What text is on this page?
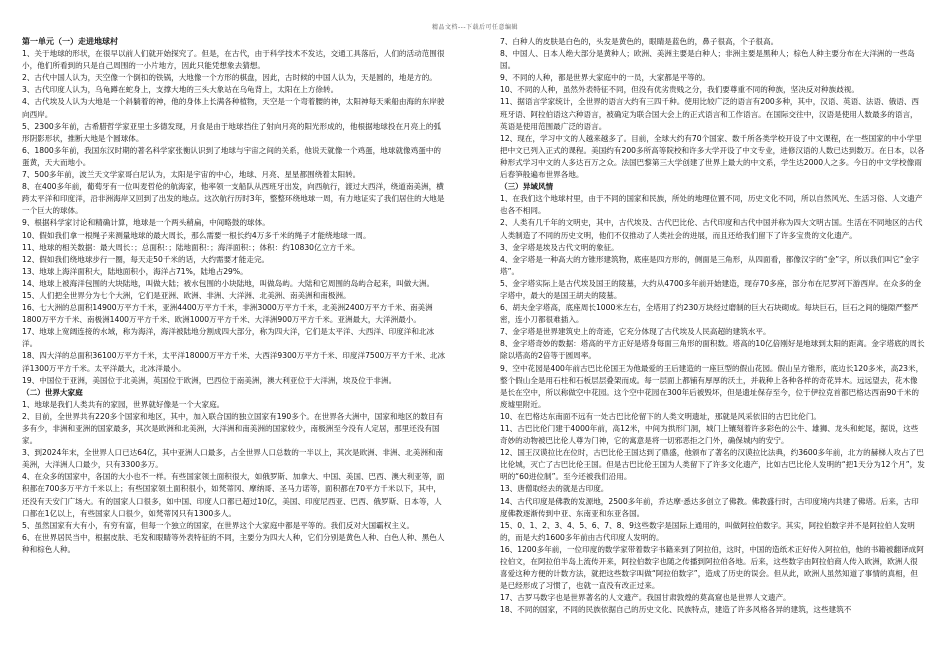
精品文档---下载后可任意编辑

第一单元（一）走进地球村

1、关于地球的形状，在很早以前人们就开始探究了。但是，在古代，由于科学技术不发达，交通工具落后，人们的活动范围很小，他们所看到的只是自己周围的一小片地方，因此只能凭想象去猜想。

2、古代中国人认为，天空像一个倒扣的铁锅，大地像一个方形的棋盘，因此，古时候的中国人认为，天是圆的，地是方的。

3、古代印度人认为，乌龟蹲在蛇身上，支撑大地的三头大象站在乌龟背上，太阳在上方徐转。

4、古代埃及人认为大地是一个斜躺着的神，他的身体上长满各种植物，天空是一个弯着腰的神，太阳神每天乘船由海的东岸驶向西岸。

5、2300多年前，古希腊哲学家亚里士多德发现，月食是由于地球挡住了射向月亮的阳光形成的，他根据地球投在月亮上的弧形阴影形状，推断大地是个圆球体。

6、1800多年前，我国东汉时期的著名科学家张衡认识到了地球与宇宙之间的关系，他说天就像一个鸡蛋，地球就像鸡蛋中的蛋黄，天大而地小。

7、500多年前，波兰天文学家哥白尼认为，太阳是宇宙的中心，地球、月亮、星星都围绕着太阳转。

8、在400多年前，葡萄牙有一位叫麦哲伦的航海家，他率领一支船队从西班牙出发，向西航行，渡过大西洋，绕道南美洲，横跨太平洋和印度洋，沿非洲海岸又回到了出发的地点。这次航行历时3年，整整环绕地球一周，有力地证实了我们居住的大地是一个巨大的球体。

9、根据科学家讨论和精确计算，地球是一个两头稍扁，中间略鼓的球体。

10、假如我们拿一根绳子来测量地球的最大周长，那么需要一根长约4万多千米的绳子才能绕地球一周。

11、地球的相关数据：最大周长：；总面积：；陆地面积：；海洋面积：；体积：约10830亿立方千米。

12、假如我们绕地球步行一圈，每天走50千米的话，大约需要才能走完。

13、地球上海洋面积大，陆地面积小，海洋占71%，陆地占29%。

14、地球上被海洋包围的大块陆地，叫做大陆；被水包围的小块陆地，叫做岛屿。大陆和它周围的岛屿合起来，叫做大洲。

15、人们把全世界分为七个大洲，它们是亚洲、欧洲、非洲、大洋洲、北美洲、南美洲和南极洲。

16、七大洲的总面积14900万平方千米，亚洲4400万平方千米，非洲3000万平方千米，北美洲2400万平方千米、南美洲1800万平方千米、南极洲1400万平方千米、欧洲1000万平方千米、大洋洲900万平方千米。亚洲最大，大洋洲最小。

17、地球上宽阔连接的水域，称为海洋，海洋被陆地分割成四大部分，称为四大洋，它们是太平洋、大西洋、印度洋和北冰洋。

18、四大洋的总面积36100万平方千米，太平洋18000万平方千米、大西洋9300万平方千米、印度洋7500万平方千米、北冰洋1300万平方千米。太平洋最大，北冰洋最小。

19、中国位于亚洲，美国位于北美洲，英国位于欧洲，巴西位于南美洲，澳大利亚位于大洋洲，埃及位于非洲。

（二）世界大家庭

1、地球是我们人类共有的家园，世界就好像是一个大家庭。

2、目前，全世界共有220多个国家和地区，其中，加入联合国的独立国家有190多个。在世界各大洲中，国家和地区的数目有多有少，非洲和亚洲的国家最多，其次是欧洲和北美洲，大洋洲和南美洲的国家较少，南极洲至今没有人定居，那里还没有国家。

3、到2024年末，全世界人口已达64亿，其中亚洲人口最多，占全世界人口总数的一半以上，其次是欧洲、非洲、北美洲和南美洲，大洋洲人口最少，只有3300多万。

4、在众多的国家中，各国的大小也不一样。有些国家领土面积很大，如俄罗斯、加拿大、中国、美国、巴西、澳大利亚等，面积都在700多万平方千米以上；有些国家领土面积很小，如梵蒂冈、摩纳哥、圣马力诺等，面积都在70平方千米以下，其中，还没有天安门广场大。有的国家人口很多，如中国、印度人口都已超过10亿，美国、印度尼西亚、巴西、俄罗斯、日本等，人口都在1亿以上，有些国家人口很少，如梵蒂冈只有1300多人。

5、虽然国家有大有小，有穷有富，但每一个独立的国家，在世界这个大家庭中都是平等的。我们反对大国霸权主义。

6、在世界居民当中，根据皮肤、毛发和眼睛等外表特征的不同，主要分为四大人种，它们分别是黄色人种、白色人种、黑色人种和棕色人种。

7、白种人的皮肤是白色的，头发是黄色的，眼睛是蓝色的，鼻子很高，个子很高。

8、中国人、日本人绝大部分是黄种人；欧洲、美洲主要是白种人；非洲主要是黑种人；棕色人种主要分布在大洋洲的一些岛国。

9、不同的人种，都是世界大家庭中的一员，大家都是平等的。

10、不同的人种，虽然外表特征不同，但没有优劣贵贱之分，我们要尊重不同的种族，坚决反对种族歧视。

11、据语言学家统计，全世界的语言大约有三四千种。使用比较广泛的语言有200多种，其中，汉语、英语、法语、俄语、西班牙语、阿拉伯语这六种语言，被确定为联合国大会上的正式语言和工作语言。在国际交往中，汉语是使用人数最多的语言，英语是使用范围最广泛的语言。

12、现在，学习中文的人越来越多了。目前，全球大约有70个国家、数千所各类学校开设了中文课程，在一些国家的中小学里把中文已列入正式的课程。美国约有200多所高等院校和许多大学开设了中文专业，进修汉语的人数已达到数万。在日本，以各种形式学习中文的人多达百万之众。法国巴黎第三大学创建了世界上最大的中文系，学生达2000人之多。今日的中文学校像雨后春笋般遍布世界各地。

（三）异域风情

1、在我们这个地球村里，由于不同的国家和民族，所处的地理位置不同，历史文化不同，所以自然风光、生活习俗、人文遗产也各不相同。

2、人类有几千年的文明史，其中，古代埃及、古代巴比伦、古代印度和古代中国并称为四大文明古国。生活在不同地区的古代人类制造了不同的历史文明，他们不仅推动了人类社会的进展，而且还给我们留下了许多宝贵的文化遗产。

3、金字塔是埃及古代文明的象征。

4、金字塔是一种高大的方锥形建筑物，底座是四方形的，侧面是三角形，从四面看，都像汉字的“金”字，所以我们叫它“金字塔”。

5、金字塔实际上是古代埃及国王的陵墓，大约从4700多年前开始建造，现存70多座，部分布在尼罗河下游西岸。在众多的金字塔中，最大的是国王胡夫的陵墓。

6、胡夫金字塔高，底座周长1000米左右，全塔用了约230万块经过磨制的巨大石块砌成。每块巨石，巨石之间的缝隙严整严密，连小刀都很难插入。

7、金字塔是世界建筑史上的奇迹，它充分体现了古代埃及人民高超的建筑水平。

8、金字塔奇妙的数据：塔高的平方正好是塔身每面三角形的面积数。塔高的10亿倍刚好是地球到太阳的距离。金字塔底的周长除以塔高的2倍等于圆周率。

9、空中花园是400年前古巴比伦国王为他最爱的王后建造的一座巨型的假山花园。假山呈方锥形，底边长120多米，高23米，整个假山全是用石柱和石板层层叠架而成。每一层面上都铺有厚厚的沃土，并栽种上各种各样的奇花异木。远远望去，花木像是长在空中，所以称做空中花园。这个空中花园在300年后被毁坏，但是遗址保存至今，位于伊拉克首都巴格达西南90千米的废墟里附近。

10、在巴格达东南面不远有一处古巴比伦留下的人类文明遗址，那就是风采依旧的古巴比伦门。

11、古巴比伦门建于4000年前，高12米，中间为拱形门洞，城门上镶刻着许多彩色的公牛、雄狮、龙头和蛇尾，据说，这些奇妙的动物被巴比伦人尊为门神，它的寓意是将一切邪恶拒之门外，确保城内的安宁。

12、国王汉谟拉比在位时，古巴比伦王国达到了鼎盛，他颁布了著名的汉谟拉比法典，约3600多年前，北方的赫梯人攻占了巴比伦城，灭亡了古巴比伦王国。但是古巴比伦王国为人类留下了许多文化遗产，比如古巴比伦人发明的“把1天分为12个月”，发明的“60进位制”。至今还被我们沿用。

13、唐僧取经去的就是古印度。

14、古代印度是佛教的发源地，2500多年前，乔达摩·悉达多创立了佛教。佛教盛行时，古印度境内共建了佛塔。后来，古印度佛教逐渐传到中亚、东南亚和东亚各国。

15、0、1、2、3、4、5、6、7、8、9这些数字是国际上通用的，叫做阿拉伯数字。其实，阿拉伯数字并不是阿拉伯人发明的，而是大约1600多年前由古代印度人发明的。

16、1200多年前，一位印度的数学家带着数字书籍来到了阿拉伯，这时，中国的造纸术正好传入阿拉伯，他的书籍被翻译成阿拉伯文，在阿拉伯半岛上流传开来，阿拉伯数字也随之传播到阿拉伯各地。后来，这些数字由阿拉伯商人传入欧洲，欧洲人很喜爱这种方便的计数方法，就把这些数字叫做“阿拉伯数字”，造成了历史的误会。但从此，欧洲人虽然知道了事情的真相，但是已经形成了习惯了，也就一直没有改正过来。

17、古罗马数字也是世界著名的人文遗产。我国甘肃敦煌的莫高窟也是世界人文遗产。

18、不同的国家，不同的民族依据自己的历史文化、民族特点，建造了许多风格各异的建筑，这些建筑不
